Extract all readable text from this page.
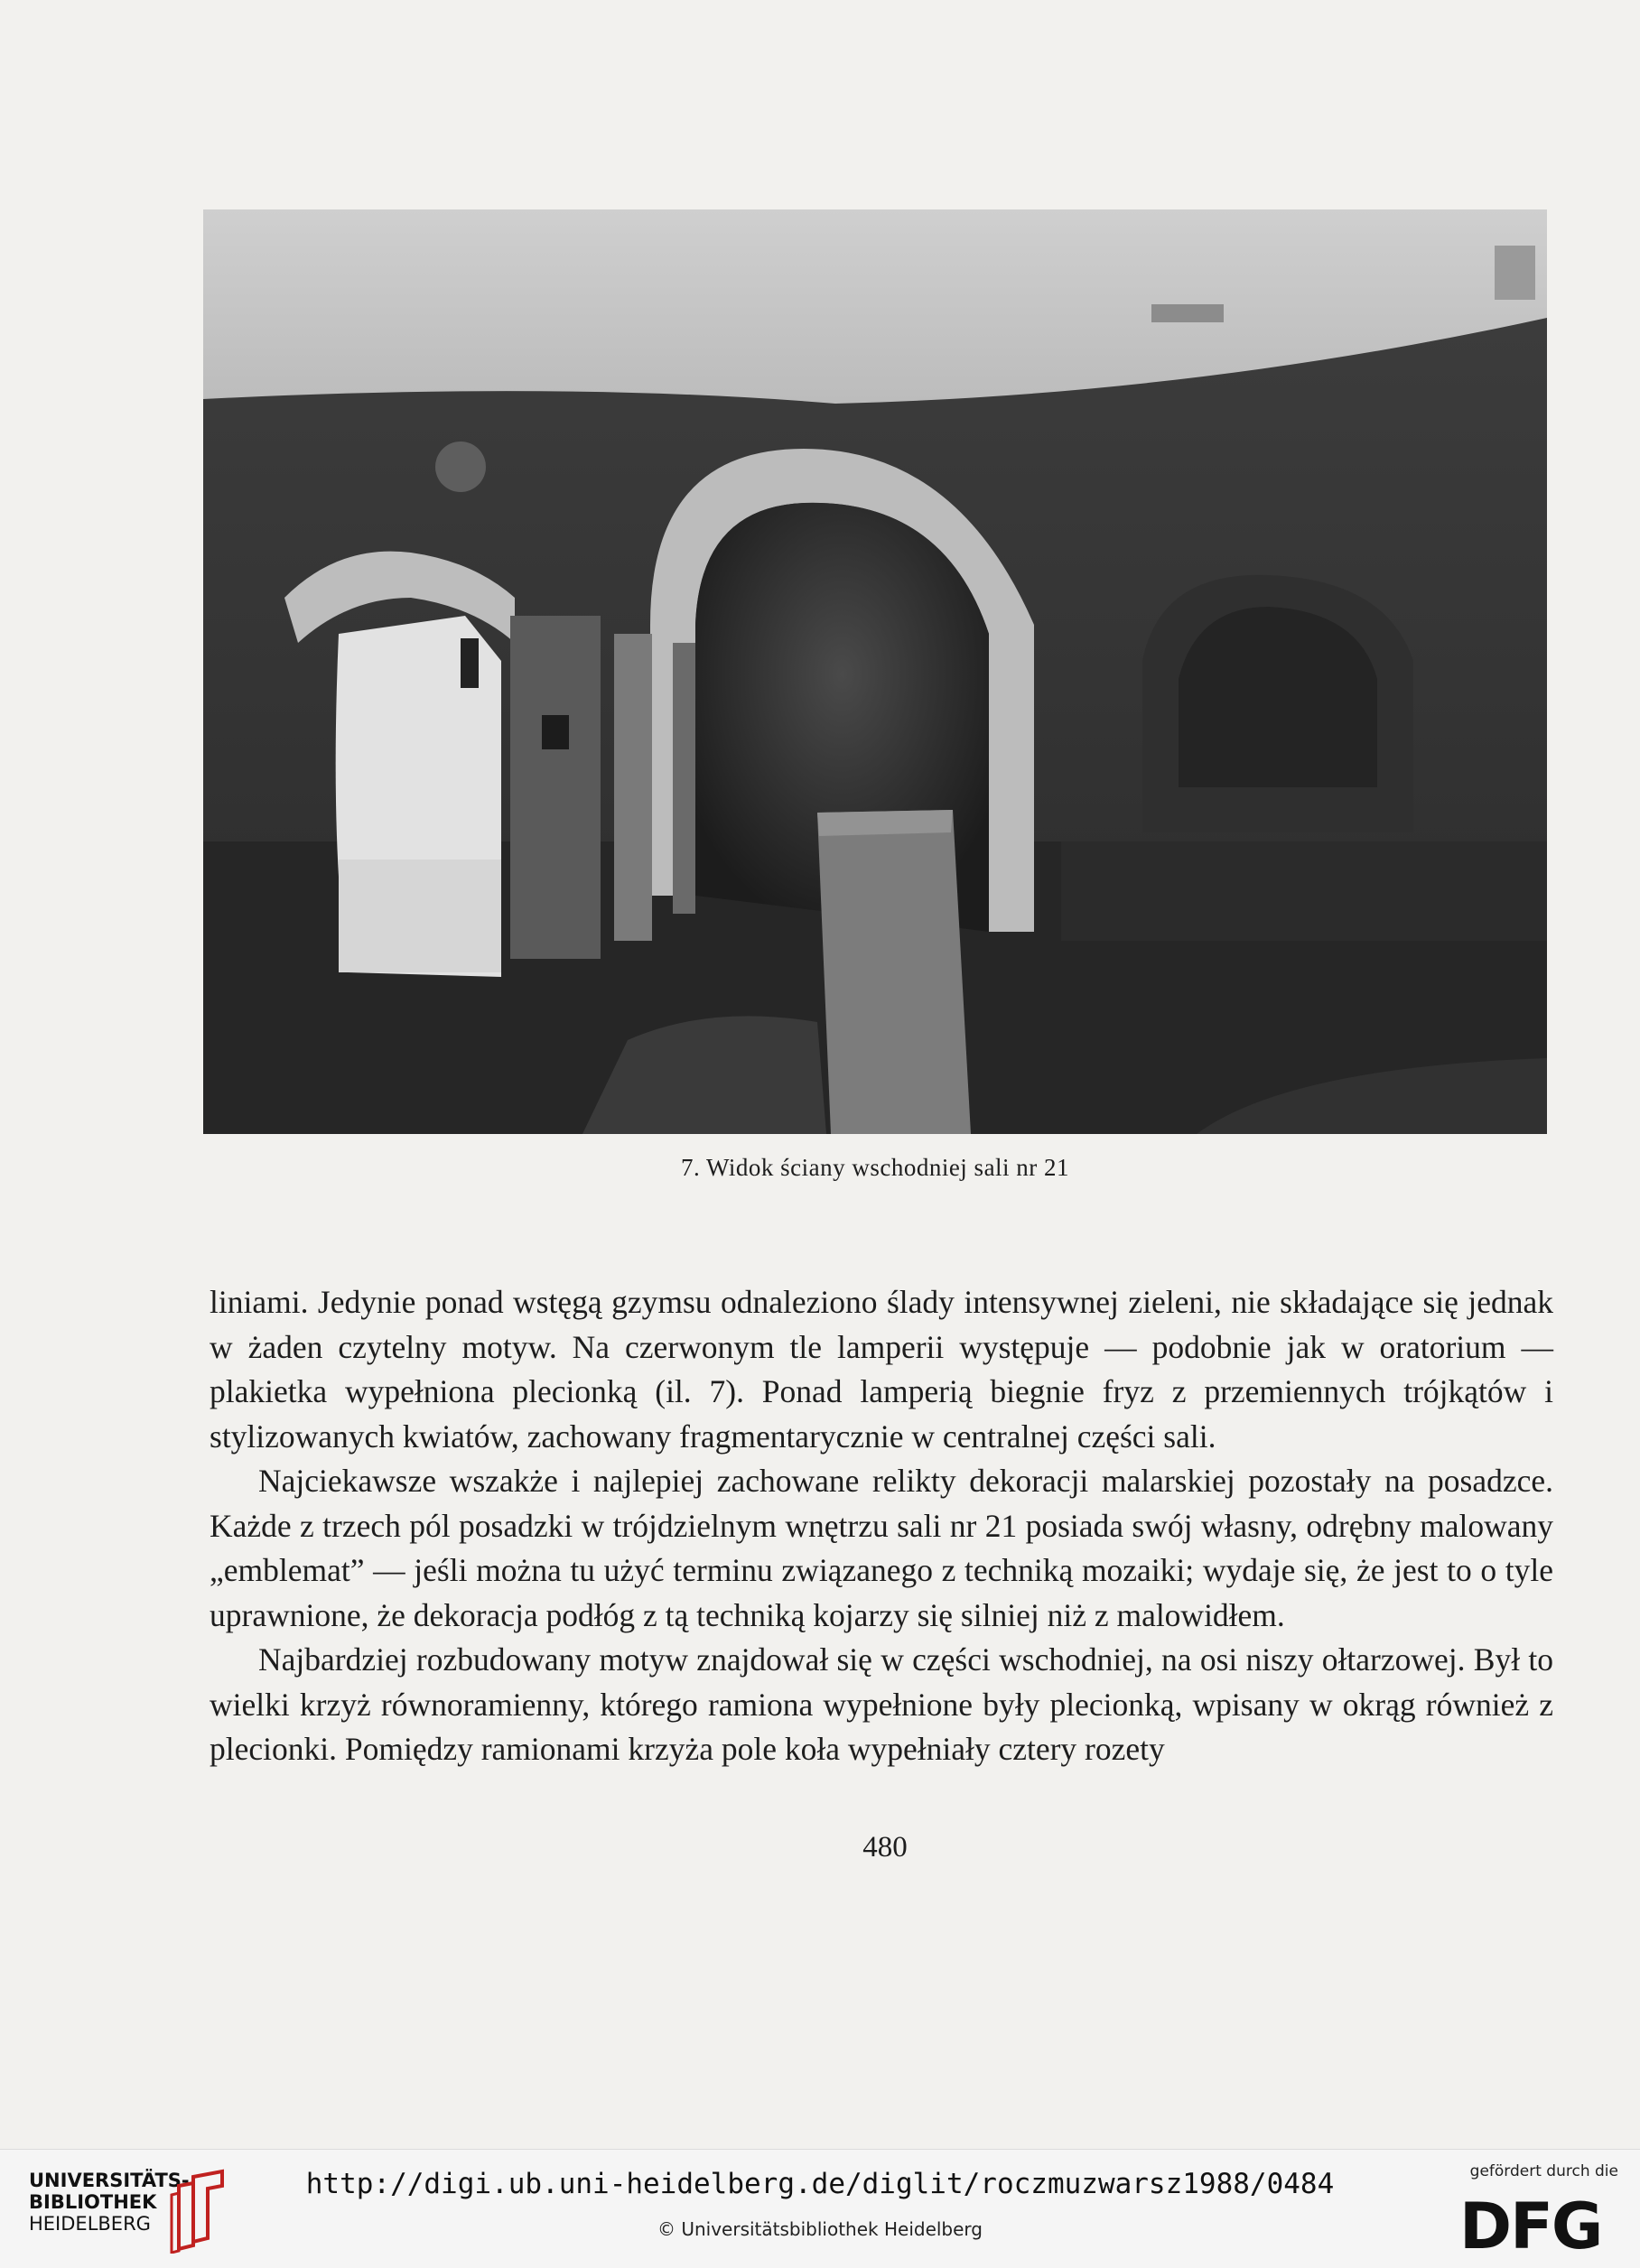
7. Widok ściany wschodniej sali nr 21

liniami. Jedynie ponad wstęgą gzymsu odnaleziono ślady intensywnej zieleni, nie składające się jednak w żaden czytelny motyw. Na czerwonym tle lamperii występuje — podobnie jak w oratorium — plakietka wypełniona plecionką (il. 7). Ponad lamperią biegnie fryz z przemiennych trójkątów i stylizowanych kwiatów, zachowany fragmentarycznie w centralnej części sali.

Najciekawsze wszakże i najlepiej zachowane relikty dekoracji malarskiej pozostały na posadzce. Każde z trzech pól posadzki w trójdzielnym wnętrzu sali nr 21 posiada swój własny, odrębny malowany „emblemat” — jeśli można tu użyć terminu związanego z techniką mozaiki; wydaje się, że jest to o tyle uprawnione, że dekoracja podłóg z tą techniką kojarzy się silniej niż z malowidłem.

Najbardziej rozbudowany motyw znajdował się w części wschodniej, na osi niszy ołtarzowej. Był to wielki krzyż równoramienny, którego ramiona wypełnione były plecionką, wpisany w okrąg również z plecionki. Pomiędzy ramionami krzyża pole koła wypełniały cztery rozety

480
UNIVERSITÄTS-
BIBLIOTHEK
HEIDELBERG
http://digi.ub.uni-heidelberg.de/diglit/roczmuzwarsz1988/0484
© Universitätsbibliothek Heidelberg
gefördert durch die
DFG
